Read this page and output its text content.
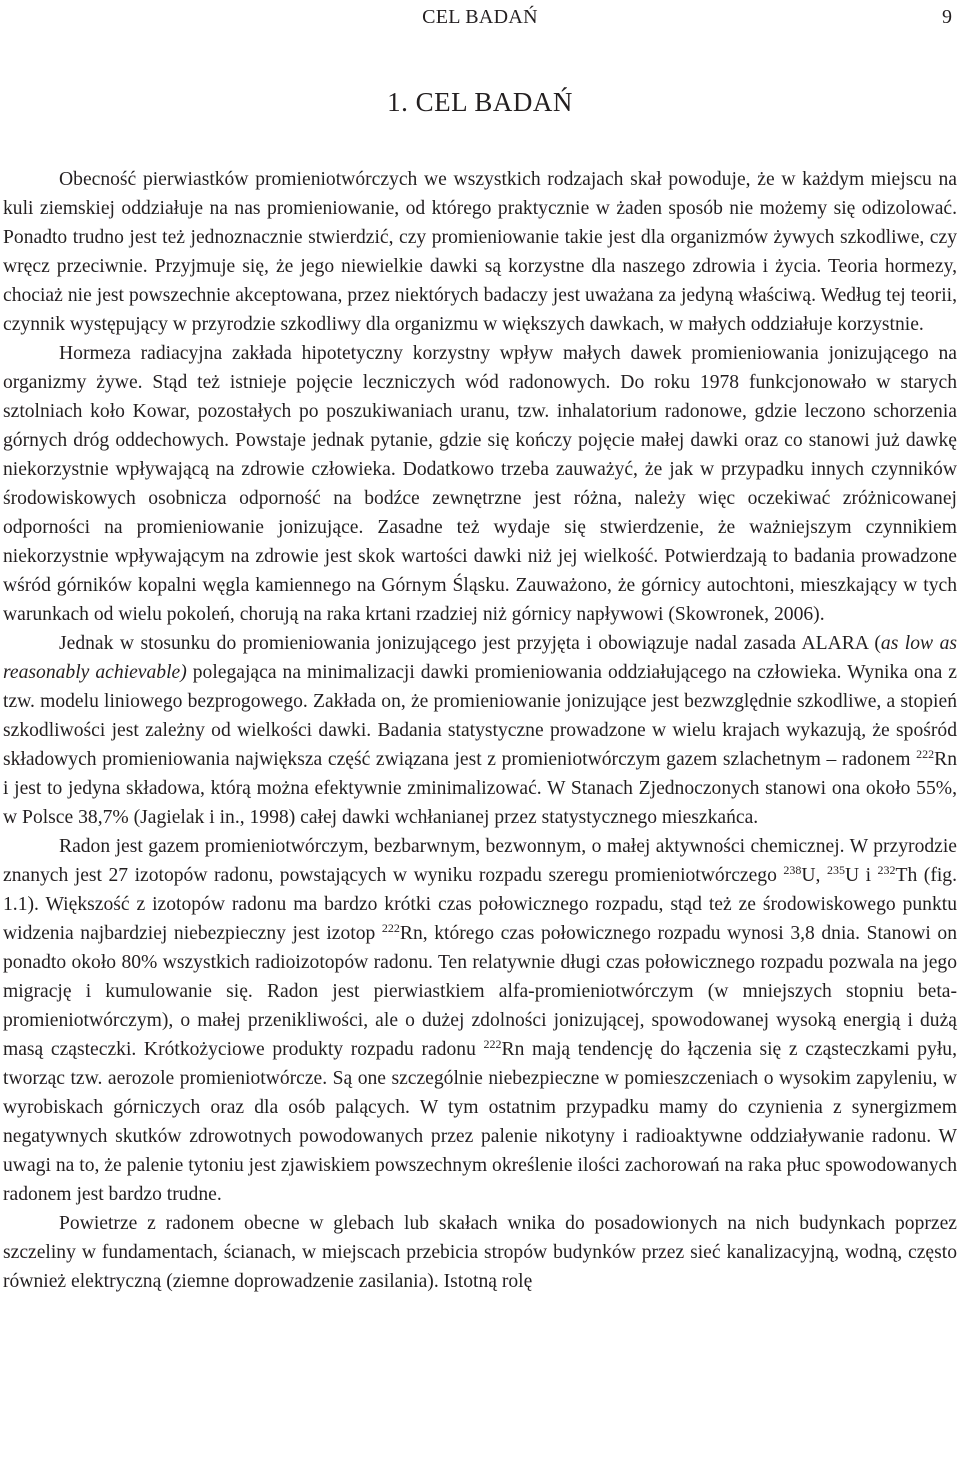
CEL BADAŃ	9
1. CEL BADAŃ

Obecność pierwiastków promieniotwórczych we wszystkich rodzajach skał powoduje, że w każdym miejscu na kuli ziemskiej oddziałuje na nas promieniowanie, od którego praktycznie w żaden sposób nie możemy się odizolować. Ponadto trudno jest też jednoznacznie stwierdzić, czy promieniowanie takie jest dla organizmów żywych szkodliwe, czy wręcz przeciwnie. Przyjmuje się, że jego niewielkie dawki są korzystne dla naszego zdrowia i życia. Teoria hormezy, chociaż nie jest powszechnie akceptowana, przez niektórych badaczy jest uważana za jedyną właściwą. Według tej teorii, czynnik występujący w przyrodzie szkodliwy dla organizmu w większych dawkach, w małych oddziałuje korzystnie.

Hormeza radiacyjna zakłada hipotetyczny korzystny wpływ małych dawek promieniowania jonizującego na organizmy żywe. Stąd też istnieje pojęcie leczniczych wód radonowych. Do roku 1978 funkcjonowało w starych sztolniach koło Kowar, pozostałych po poszukiwaniach uranu, tzw. inhalatorium radonowe, gdzie leczono schorzenia górnych dróg oddechowych. Powstaje jednak pytanie, gdzie się kończy pojęcie małej dawki oraz co stanowi już dawkę niekorzystnie wpływającą na zdrowie człowieka. Dodatkowo trzeba zauważyć, że jak w przypadku innych czynników środowiskowych osobnicza odporność na bodźce zewnętrzne jest różna, należy więc oczekiwać zróżnicowanej odporności na promieniowanie jonizujące. Zasadne też wydaje się stwierdzenie, że ważniejszym czynnikiem niekorzystnie wpływającym na zdrowie jest skok wartości dawki niż jej wielkość. Potwierdzają to badania prowadzone wśród górników kopalni węgla kamiennego na Górnym Śląsku. Zauważono, że górnicy autochtoni, mieszkający w tych warunkach od wielu pokoleń, chorują na raka krtani rzadziej niż górnicy napływowi (Skowronek, 2006).

Jednak w stosunku do promieniowania jonizującego jest przyjęta i obowiązuje nadal zasada ALARA (as low as reasonably achievable) polegająca na minimalizacji dawki promieniowania oddziałującego na człowieka. Wynika ona z tzw. modelu liniowego bezprogowego. Zakłada on, że promieniowanie jonizujące jest bezwzględnie szkodliwe, a stopień szkodliwości jest zależny od wielkości dawki. Badania statystyczne prowadzone w wielu krajach wykazują, że spośród składowych promieniowania największa część związana jest z promieniotwórczym gazem szlachetnym – radonem $^{222}$Rn i jest to jedyna składowa, którą można efektywnie zminimalizować. W Stanach Zjednoczonych stanowi ona około 55%, w Polsce 38,7% (Jagielak i in., 1998) całej dawki wchłanianej przez statystycznego mieszkańca.

Radon jest gazem promieniotwórczym, bezbarwnym, bezwonnym, o małej aktywności chemicznej. W przyrodzie znanych jest 27 izotopów radonu, powstających w wyniku rozpadu szeregu promieniotwórczego $^{238}$U, $^{235}$U i $^{232}$Th (fig. 1.1). Większość z izotopów radonu ma bardzo krótki czas połowicznego rozpadu, stąd też ze środowiskowego punktu widzenia najbardziej niebezpieczny jest izotop $^{222}$Rn, którego czas połowicznego rozpadu wynosi 3,8 dnia. Stanowi on ponadto około 80% wszystkich radioizotopów radonu. Ten relatywnie długi czas połowicznego rozpadu pozwala na jego migrację i kumulowanie się. Radon jest pierwiastkiem alfa-promieniotwórczym (w mniejszych stopniu beta-promieniotwórczym), o małej przenikliwości, ale o dużej zdolności jonizującej, spowodowanej wysoką energią i dużą masą cząsteczki. Krótkożyciowe produkty rozpadu radonu $^{222}$Rn mają tendencję do łączenia się z cząsteczkami pyłu, tworząc tzw. aerozole promieniotwórcze. Są one szczególnie niebezpieczne w pomieszczeniach o wysokim zapyleniu, w wyrobiskach górniczych oraz dla osób palących. W tym ostatnim przypadku mamy do czynienia z synergizmem negatywnych skutków zdrowotnych powodowanych przez palenie nikotyny i radioaktywne oddziaływanie radonu. W uwagi na to, że palenie tytoniu jest zjawiskiem powszechnym określenie ilości zachorowań na raka płuc spowodowanych radonem jest bardzo trudne.

Powietrze z radonem obecne w glebach lub skałach wnika do posadowionych na nich budynkach poprzez szczeliny w fundamentach, ścianach, w miejscach przebicia stropów budynków przez sieć kanalizacyjną, wodną, często również elektryczną (ziemne doprowadzenie zasilania). Istotną rolę
